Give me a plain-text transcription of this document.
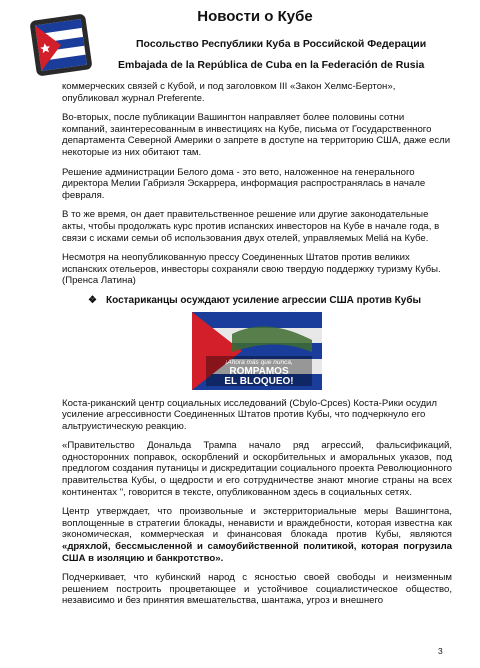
Новости о Кубе
Посольство Республики Куба в Российской Федерации
Embajada de la República de Cuba en la Federación de Rusia

коммерческих связей с Кубой, и под заголовком III «Закон Хелмс-Бертон», опубликовал журнал Preferente.

Во-вторых, после публикации Вашингтон направляет более половины сотни компаний, заинтересованным в инвестициях на Кубе, письма от Государственного департамента Северной Америки о запрете в доступе на территорию США, даже если некоторые из них обитают там.

Решение администрации Белого дома - это вето, наложенное на генерального директора Мелии Габриэля Эскаррера, информация распространялась в начале февраля.

В то же время, он дает правительственное решение или другие законодательные акты, чтобы продолжать курс против испанских инвесторов на Кубе в начале года, в связи с исками семьи об использования двух отелей, управляемых Meliá на Кубе.

Несмотря на неопубликованную прессу Соединенных Штатов против великих испанских отельеров, инвесторы сохраняли свою твердую поддержку туризму Кубы. (Пренса Латина)

❖ Костариканцы осуждают усиление агрессии США против Кубы
¡Ahora más que nunca,
ROMPAMOS
EL BLOQUEO!

Коста-риканский центр социальных исследований (Cbylo-Cpces) Коста-Рики осудил усиление агрессивности Соединенных Штатов против Кубы, что подчеркнуло его альтруистическую реакцию.

«Правительство Дональда Трампа начало ряд агрессий, фальсификаций, односторонних поправок, оскорблений и оскорбительных и аморальных указов, под предлогом создания путаницы и дискредитации социального проекта Революционного правительства Кубы, о щедрости и его сотрудничестве знают многие страны на всех континентах ", говорится в тексте, опубликованном здесь в социальных сетях.

Центр утверждает, что произвольные и экстерриториальные меры Вашингтона, воплощенные в стратегии блокады, ненависти и враждебности, которая известна как экономическая, коммерческая и финансовая блокада против Кубы, являются «дряхлой, бессмысленной и самоубийственной политикой, которая погрузила США в изоляцию и банкротство».

Подчеркивает, что кубинский народ с ясностью своей свободы и неизменным решением построить процветающее и устойчивое социалистическое общество, независимо и без принятия вмешательства, шантажа, угроз и внешнего

3
